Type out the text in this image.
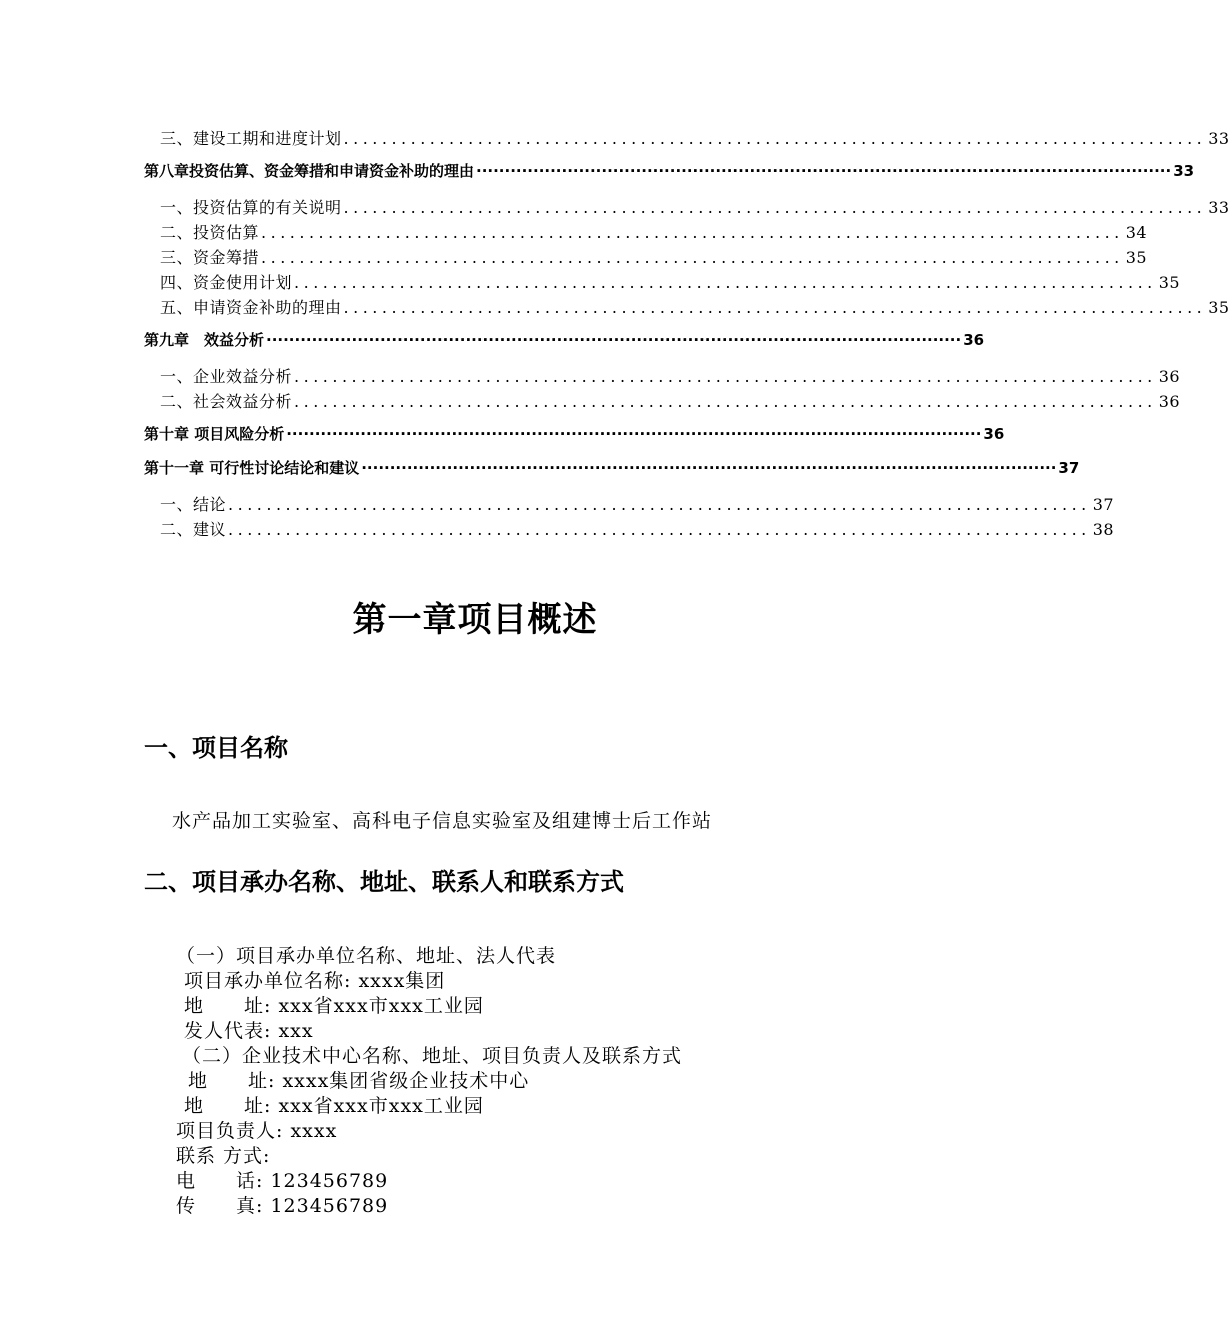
三、建设工期和进度计划 .......................................................................................... 33
第八章投资估算、资金筹措和申请资金补助的理由 ·························································································································· 33
一、投资估算的有关说明 .......................................................................................... 33
二、投资估算 .......................................................................................... 34
三、资金筹措 .......................................................................................... 35
四、资金使用计划 .......................................................................................... 35
五、申请资金补助的理由 .......................................................................................... 35
第九章　效益分析 ·························································································································· 36
一、企业效益分析 .......................................................................................... 36
二、社会效益分析 .......................................................................................... 36
第十章 项目风险分析 ·························································································································· 36
第十一章 可行性讨论结论和建议 ·························································································································· 37
一、结论 .......................................................................................... 37
二、建议 .......................................................................................... 38
第一章项目概述
一、项目名称
水产品加工实验室、高科电子信息实验室及组建博士后工作站
二、项目承办名称、地址、联系人和联系方式
（一）项目承办单位名称、地址、法人代表
项目承办单位名称: xxxx集团
地　　址: xxx省xxx市xxx工业园
发人代表: xxx
（二）企业技术中心名称、地址、项目负责人及联系方式
地　　址: xxxx集团省级企业技术中心
地　　址: xxx省xxx市xxx工业园
项目负责人: xxxx
联系 方式:
电　　话: 123456789
传　　真: 123456789
